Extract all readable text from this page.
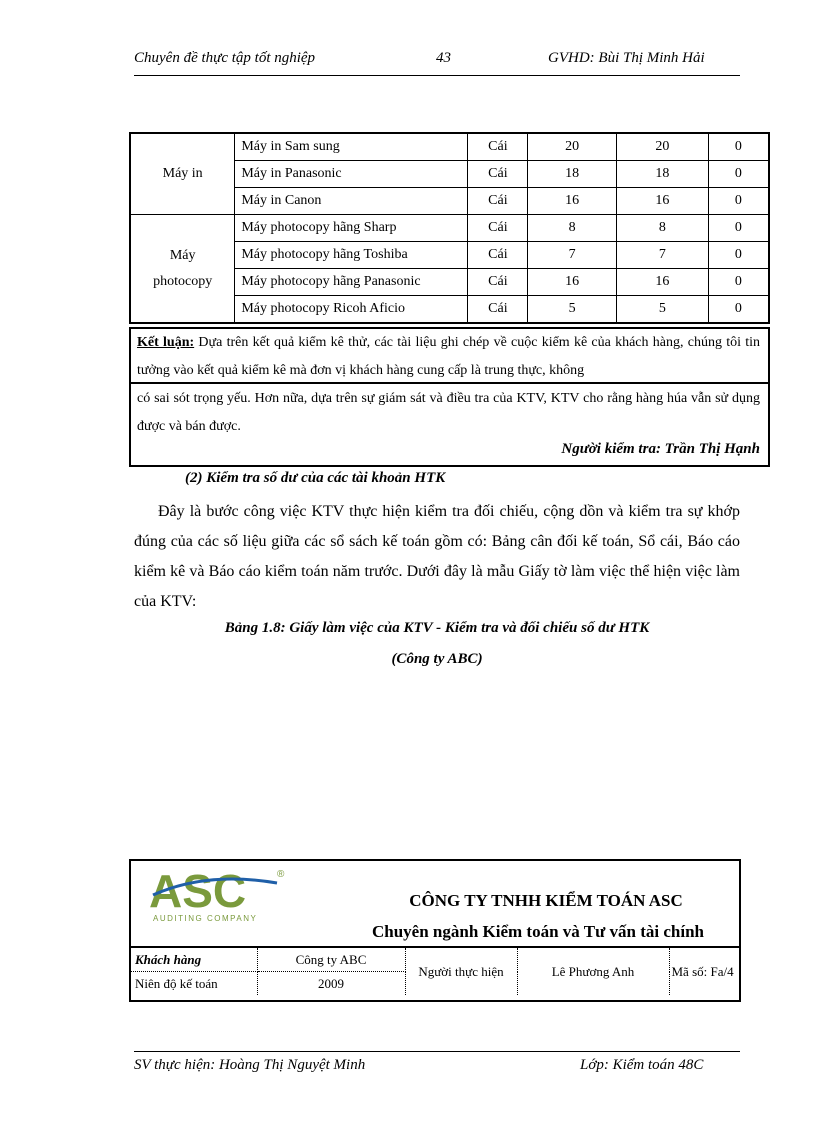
Chuyên đề thực tập tốt nghiệp	43	GVHD: Bùi Thị Minh Hải
Máy in	Máy in Sam sung	Cái	20	20	0
	Máy in Panasonic	Cái	18	18	0
	Máy in Canon	Cái	16	16	0

Máy
photocopy	Máy photocopy hãng Sharp	Cái	8	8	0
	Máy photocopy hãng Toshiba	Cái	7	7	0
	Máy photocopy hãng Panasonic	Cái	16	16	0
	Máy photocopy Ricoh Aficio	Cái	5	5	0
Kết luận: Dựa trên kết quả kiểm kê thử, các tài liệu ghi chép về cuộc kiểm kê của khách hàng, chúng tôi tin tưởng vào kết quả kiểm kê mà đơn vị khách hàng cung cấp là trung thực, không
có sai sót trọng yếu. Hơn nữa, dựa trên sự giám sát và điều tra của KTV, KTV cho rằng hàng húa vẫn sử dụng được và bán được.
Người kiểm tra: Trần Thị Hạnh
(2) Kiểm tra số dư của các tài khoản HTK
Đây là bước công việc KTV thực hiện kiểm tra đối chiếu, cộng dồn và kiểm tra sự khớp đúng của các số liệu giữa các sổ sách kế toán gồm có: Bảng cân đối kế toán, Sổ cái, Báo cáo kiểm kê và Báo cáo kiểm toán năm trước. Dưới đây là mẫu Giấy tờ làm việc thể hiện việc làm của KTV:
Bảng 1.8: Giấy làm việc của KTV - Kiểm tra và đối chiếu số dư HTK
(Công ty ABC)
ASC
AUDITING COMPANY
®
CÔNG TY TNHH KIỂM TOÁN ASC
Chuyên ngành Kiểm toán và Tư vấn tài chính
Khách hàng	Công ty ABC	Người thực hiện	Lê Phương Anh	Mã số: Fa/4
Niên độ kế toán	2009			
SV thực hiện: Hoàng Thị Nguyệt Minh	Lớp: Kiểm toán 48C
